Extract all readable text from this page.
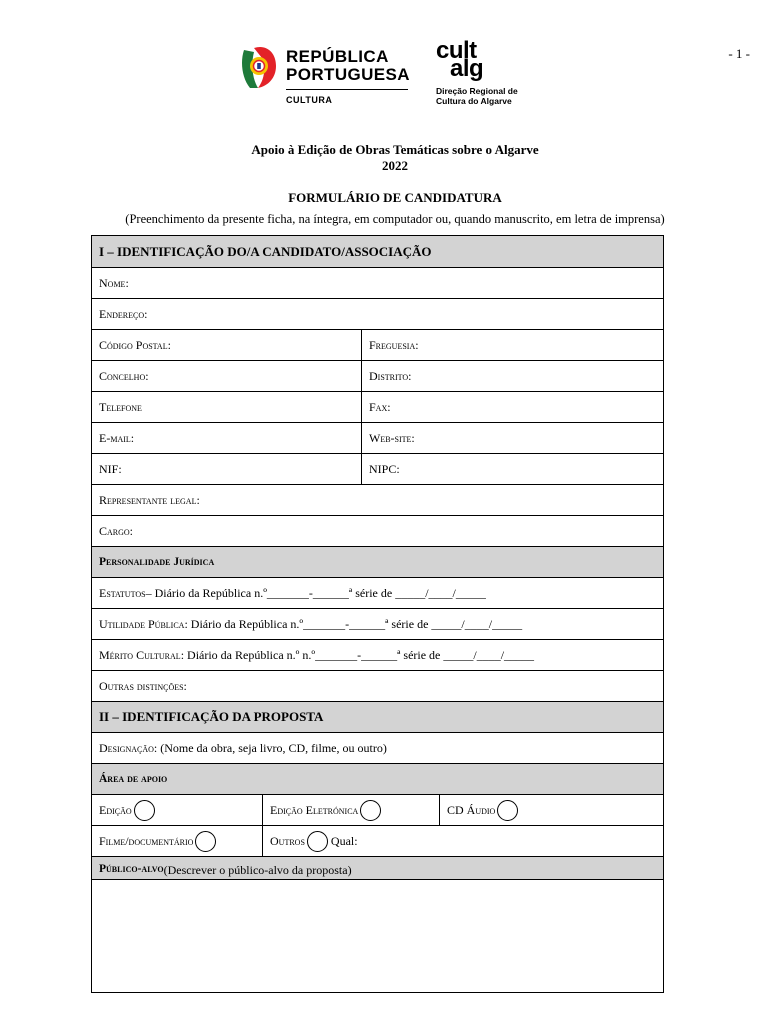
- 1 -
REPÚBLICA
PORTUGUESA
CULTURA
cult
alg
Direção Regional de
Cultura do Algarve
Apoio à Edição de Obras Temáticas sobre o Algarve
2022
FORMULÁRIO DE CANDIDATURA
(Preenchimento da presente ficha, na íntegra, em computador ou, quando manuscrito, em letra de imprensa)
I – IDENTIFICAÇÃO DO/A CANDIDATO/ASSOCIAÇÃO
Nome:
Endereço:
Código Postal:	Freguesia:
Concelho:	Distrito:
Telefone	Fax:
E-mail:	Web-site:
NIF:	NIPC:
Representante legal:
Cargo:
Personalidade Jurídica
Estatutos – Diário da República n.º_______-______ª série de _____/____/_____
Utilidade Pública : Diário da República n.º_______-______ª série de _____/____/_____
Mérito Cultural : Diário da República n.º n.º_______-______ª série de _____/____/_____
Outras distinções:
II – IDENTIFICAÇÃO DA PROPOSTA
Designação : (Nome da obra, seja livro, CD, filme, ou outro)
Área de apoio
Edição	Edição Eletrónica	CD Áudio
Filme/documentário	Outros Qual:
Público-alvo (Descrever o público-alvo da proposta)
